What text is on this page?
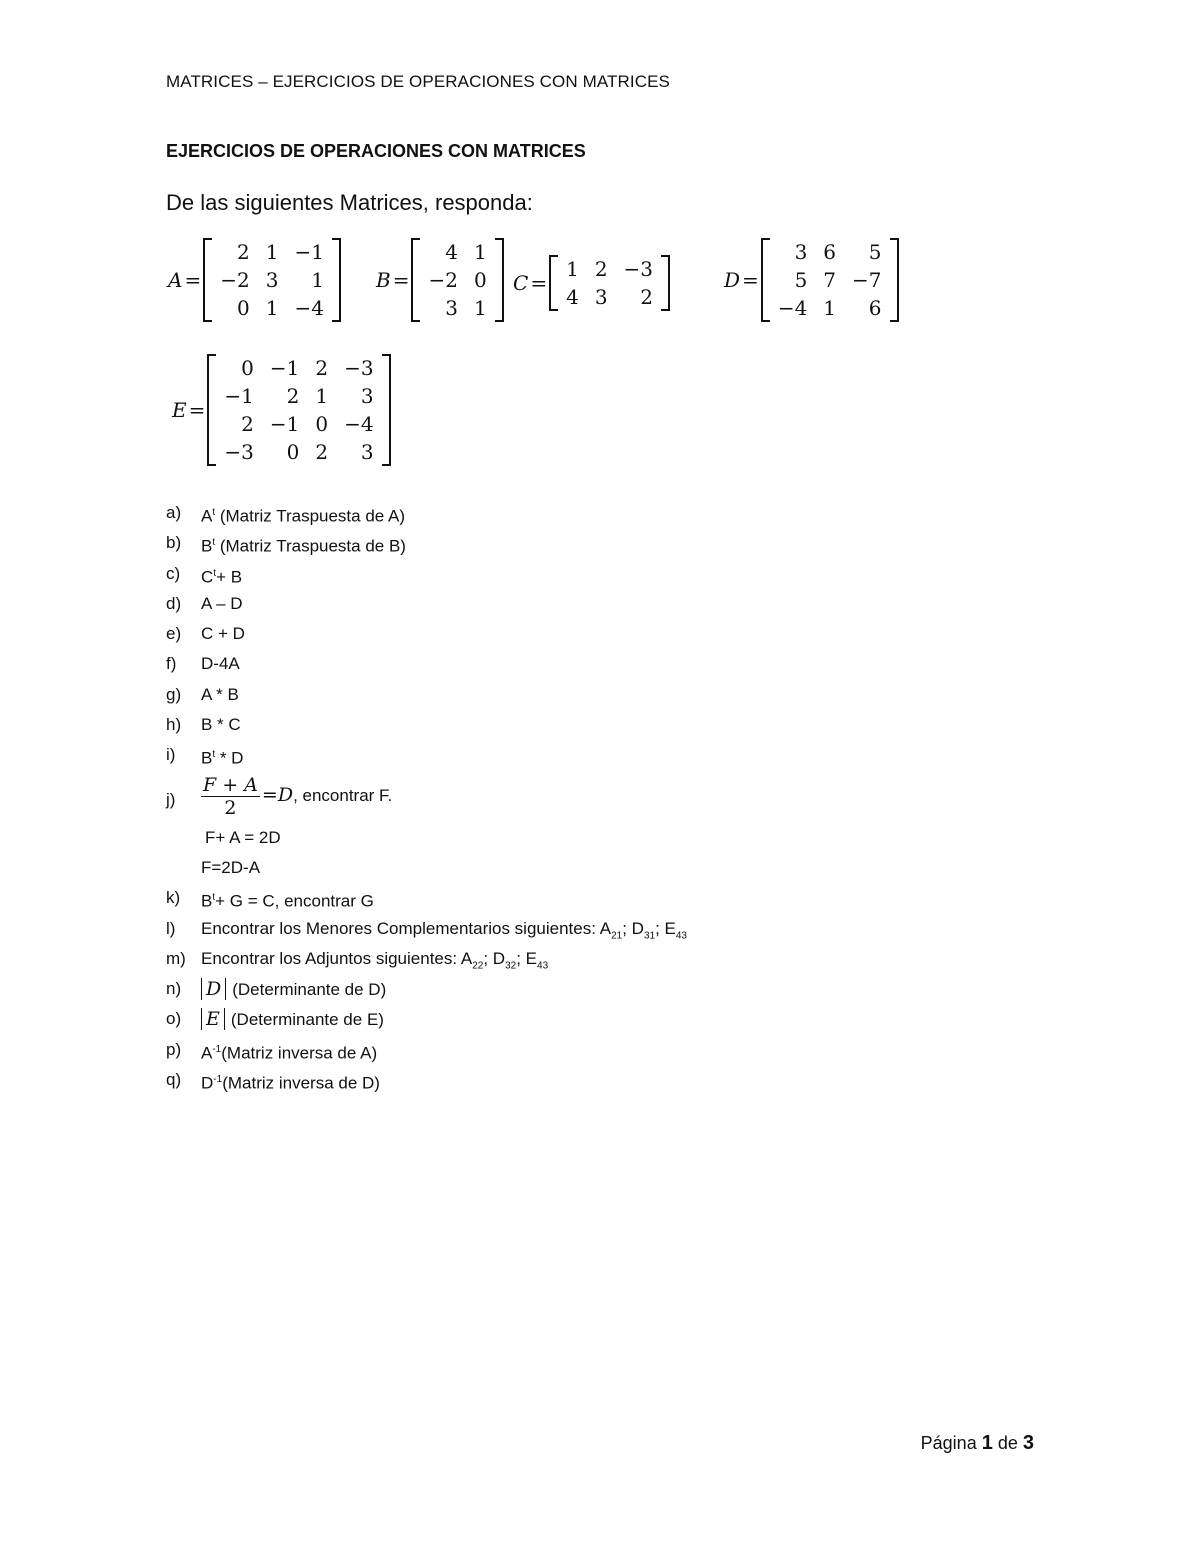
MATRICES – EJERCICIOS DE OPERACIONES CON MATRICES
EJERCICIOS DE OPERACIONES CON MATRICES
De las siguientes Matrices, responda:
A =
2	1	−1
−2	3	1
0	1	−4
B =
4	1
−2	0
3	1
C =
1	2	−3
4	3	2
D =
3	6	5
5	7	−7
−4	1	6
E =
0	−1	2	−3
−1	2	1	3
2	−1	0	−4
−3	0	2	3
a)	$A^t$ (Matriz Traspuesta de A)
b)	$B^t$ (Matriz Traspuesta de B)
c)	$C^t+ B$
d)	A – D
e)	C + D
f)	D-4A
g)	A * B
h)	B * C
i)	$B^t$ * D
j)	$\frac{F + A}{2} =D$, encontrar F.
F+ A = 2D
F=2D-A
k)	$B^t+ G = C$, encontrar G
l)	Encontrar los Menores Complementarios siguientes: $A_{21}$; $D_{31}$; $E_{43}$
m) Encontrar los Adjuntos siguientes: $A_{22}$; $D_{32}$; $E_{43}$
n)	D (Determinante de D)
o)	E (Determinante de E)
p)	$A^{-1}(Matriz$ inversa de A)
q)	$D^{-1}(Matriz$ inversa de D)
Página 1 de 3
